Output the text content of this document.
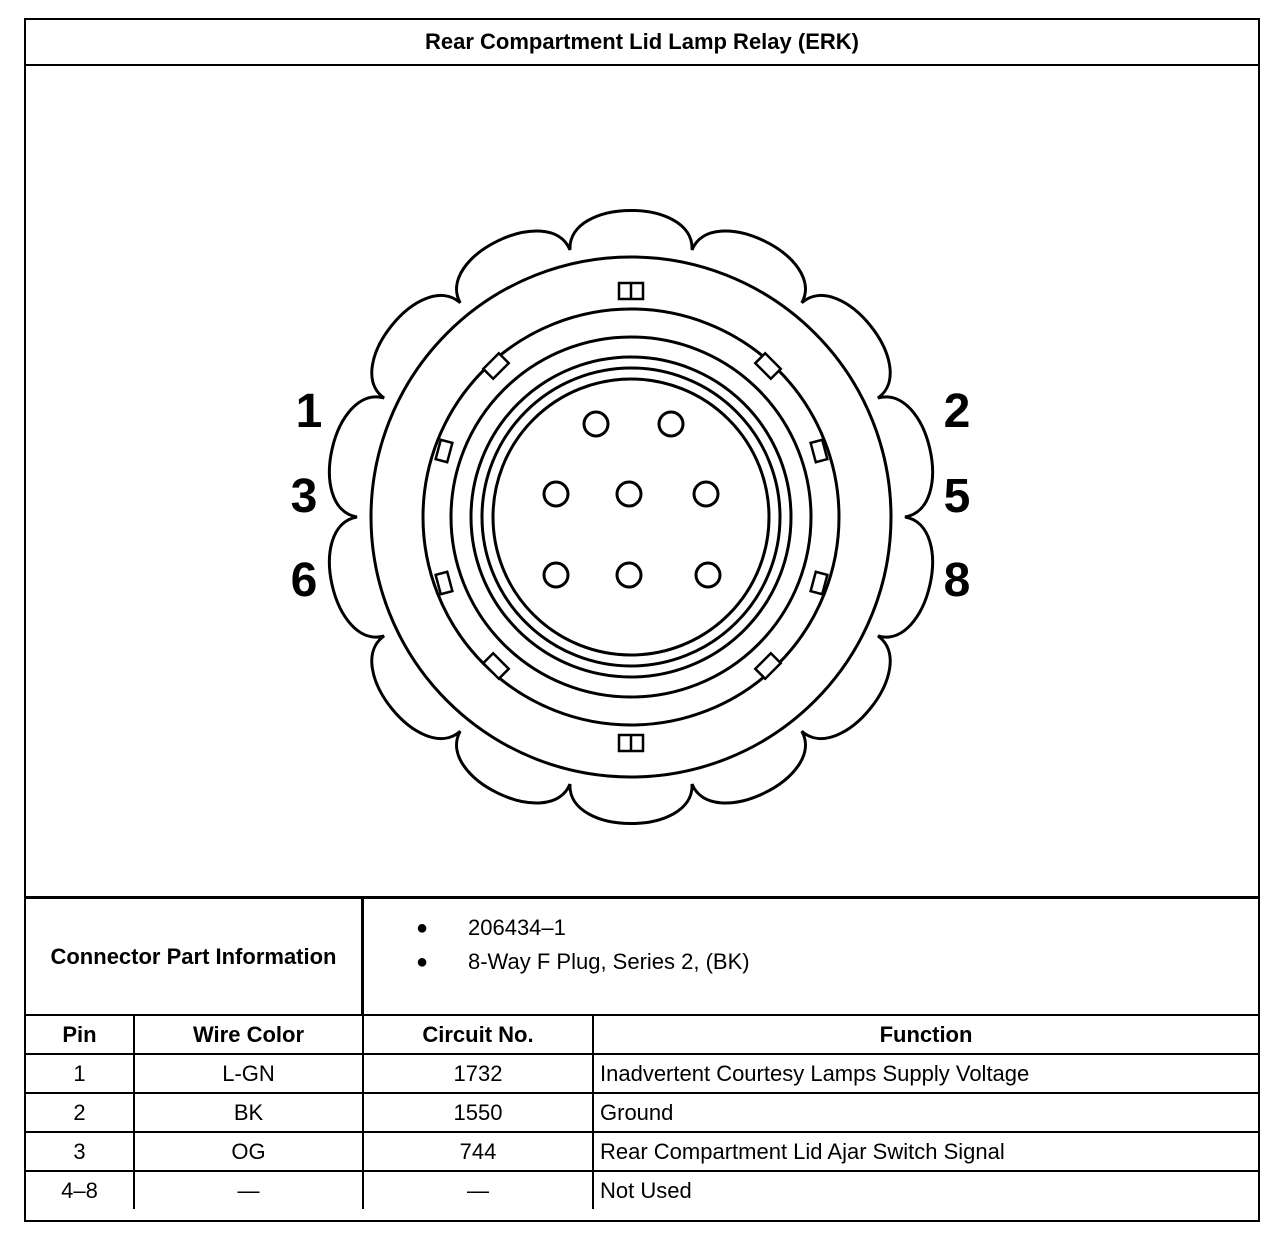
Rear Compartment Lid Lamp Relay (ERK)
1	2
3	5
6	8
Connector Part Information
● 206434–1
● 8-Way F Plug, Series 2, (BK)
Pin	Wire Color	Circuit No.	Function
1	L-GN	1732	Inadvertent Courtesy Lamps Supply Voltage
2	BK	1550	Ground
3	OG	744	Rear Compartment Lid Ajar Switch Signal
4–8	—	—	Not Used
